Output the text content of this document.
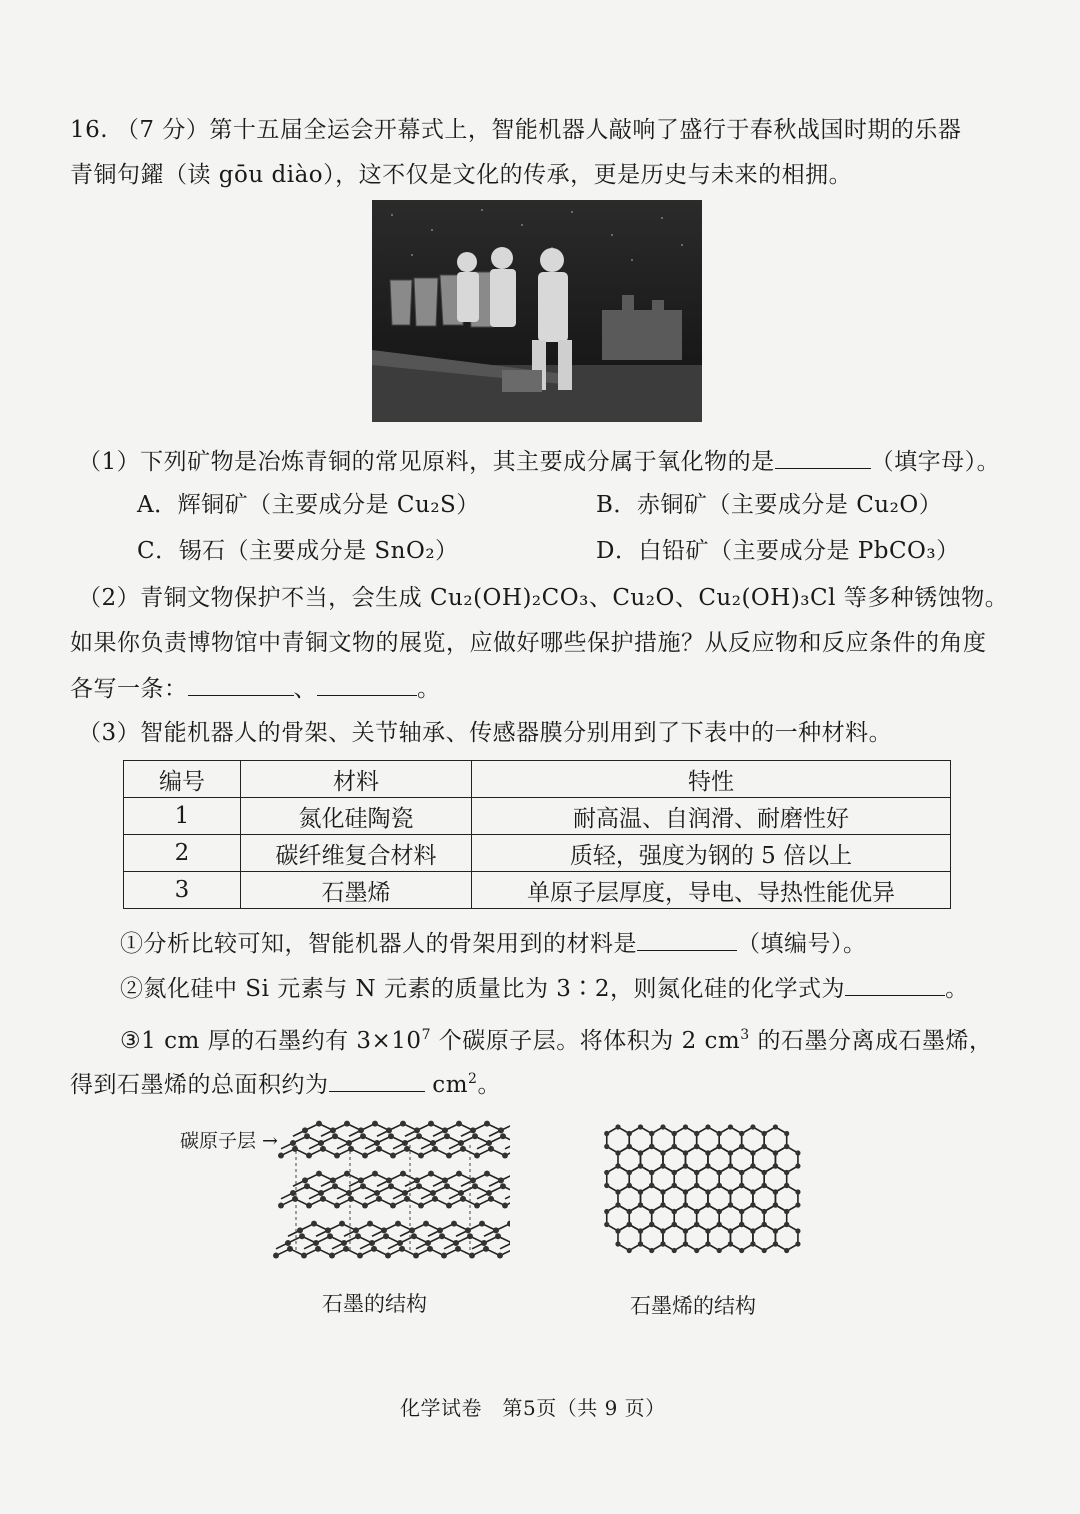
16. （7 分）第十五届全运会开幕式上，智能机器人敲响了盛行于春秋战国时期的乐器
青铜句鑃（读 gōu diào），这不仅是文化的传承，更是历史与未来的相拥。
（1）下列矿物是冶炼青铜的常见原料，其主要成分属于氧化物的是	（填字母）。
A．辉铜矿（主要成分是 Cu₂S）	B．赤铜矿（主要成分是 Cu₂O）
C．锡石（主要成分是 SnO₂）	D．白铅矿（主要成分是 PbCO₃）
（2）青铜文物保护不当，会生成 Cu₂(OH)₂CO₃、Cu₂O、Cu₂(OH)₃Cl 等多种锈蚀物。
如果你负责博物馆中青铜文物的展览，应做好哪些保护措施？从反应物和反应条件的角度
各写一条：	、	。
（3）智能机器人的骨架、关节轴承、传感器膜分别用到了下表中的一种材料。
编号	材料	特性
1	氮化硅陶瓷	耐高温、自润滑、耐磨性好
2	碳纤维复合材料	质轻，强度为钢的 5 倍以上
3	石墨烯	单原子层厚度，导电、导热性能优异
①分析比较可知，智能机器人的骨架用到的材料是	（填编号）。
②氮化硅中 Si 元素与 N 元素的质量比为 3∶2，则氮化硅的化学式为	。
③1 cm 厚的石墨约有 $3\times 10^7$ 个碳原子层。将体积为 2 $cm^3$ 的石墨分离成石墨烯，
得到石墨烯的总面积约为	$cm^2$。
碳原子层 →
石墨的结构	石墨烯的结构
化学试卷　第5页（共 9 页）
